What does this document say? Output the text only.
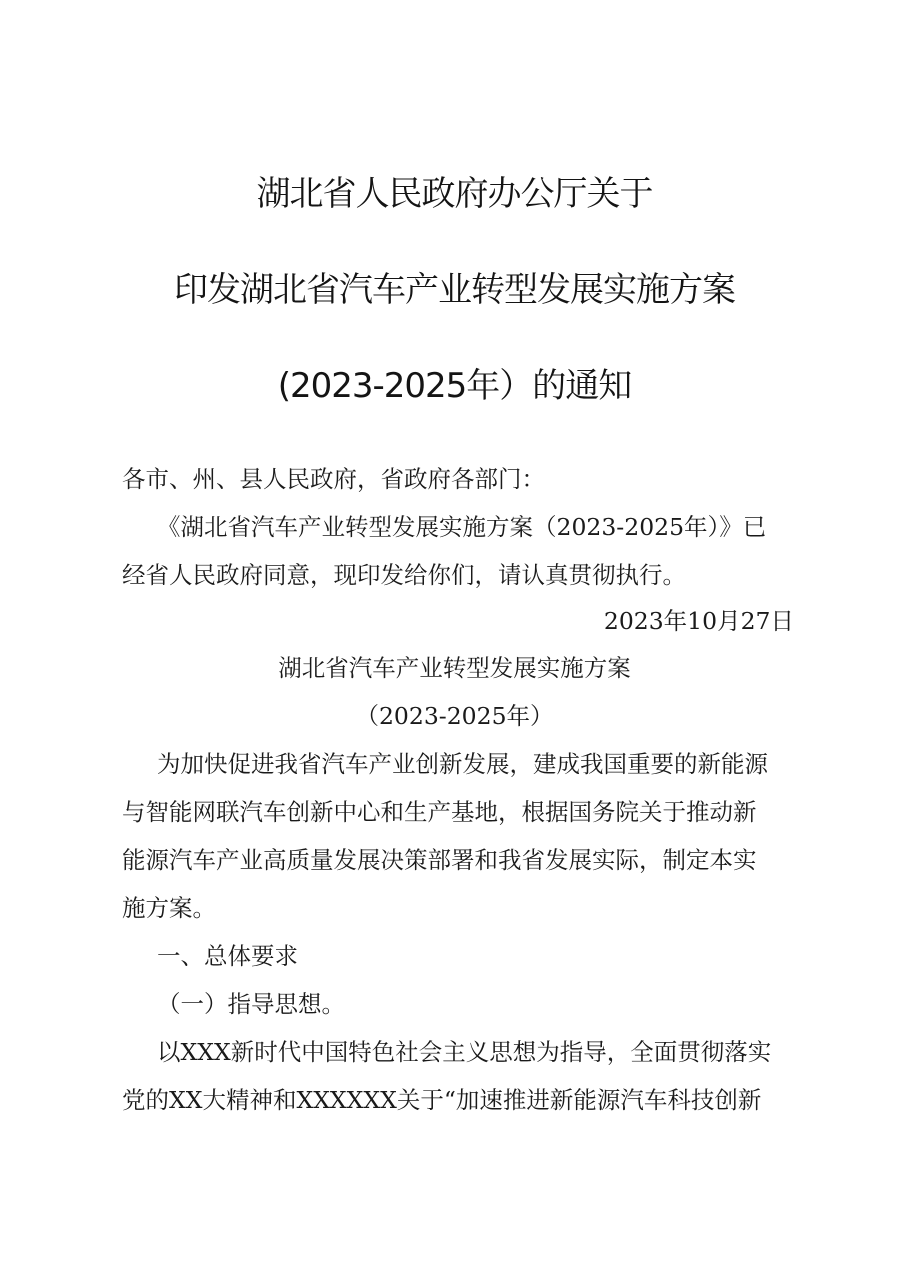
湖北省人民政府办公厅关于
印发湖北省汽车产业转型发展实施方案
(2023-2025年）的通知
各市、州、县人民政府，省政府各部门：
《湖北省汽车产业转型发展实施方案（2023-2025年）》已
经省人民政府同意，现印发给你们，请认真贯彻执行。
2023年10月27日
湖北省汽车产业转型发展实施方案
（2023-2025年）
为加快促进我省汽车产业创新发展，建成我国重要的新能源
与智能网联汽车创新中心和生产基地，根据国务院关于推动新
能源汽车产业高质量发展决策部署和我省发展实际，制定本实
施方案。
一、总体要求
（一）指导思想。
以XXX新时代中国特色社会主义思想为指导，全面贯彻落实
党的XX大精神和XXXXXX关于“加速推进新能源汽车科技创新
